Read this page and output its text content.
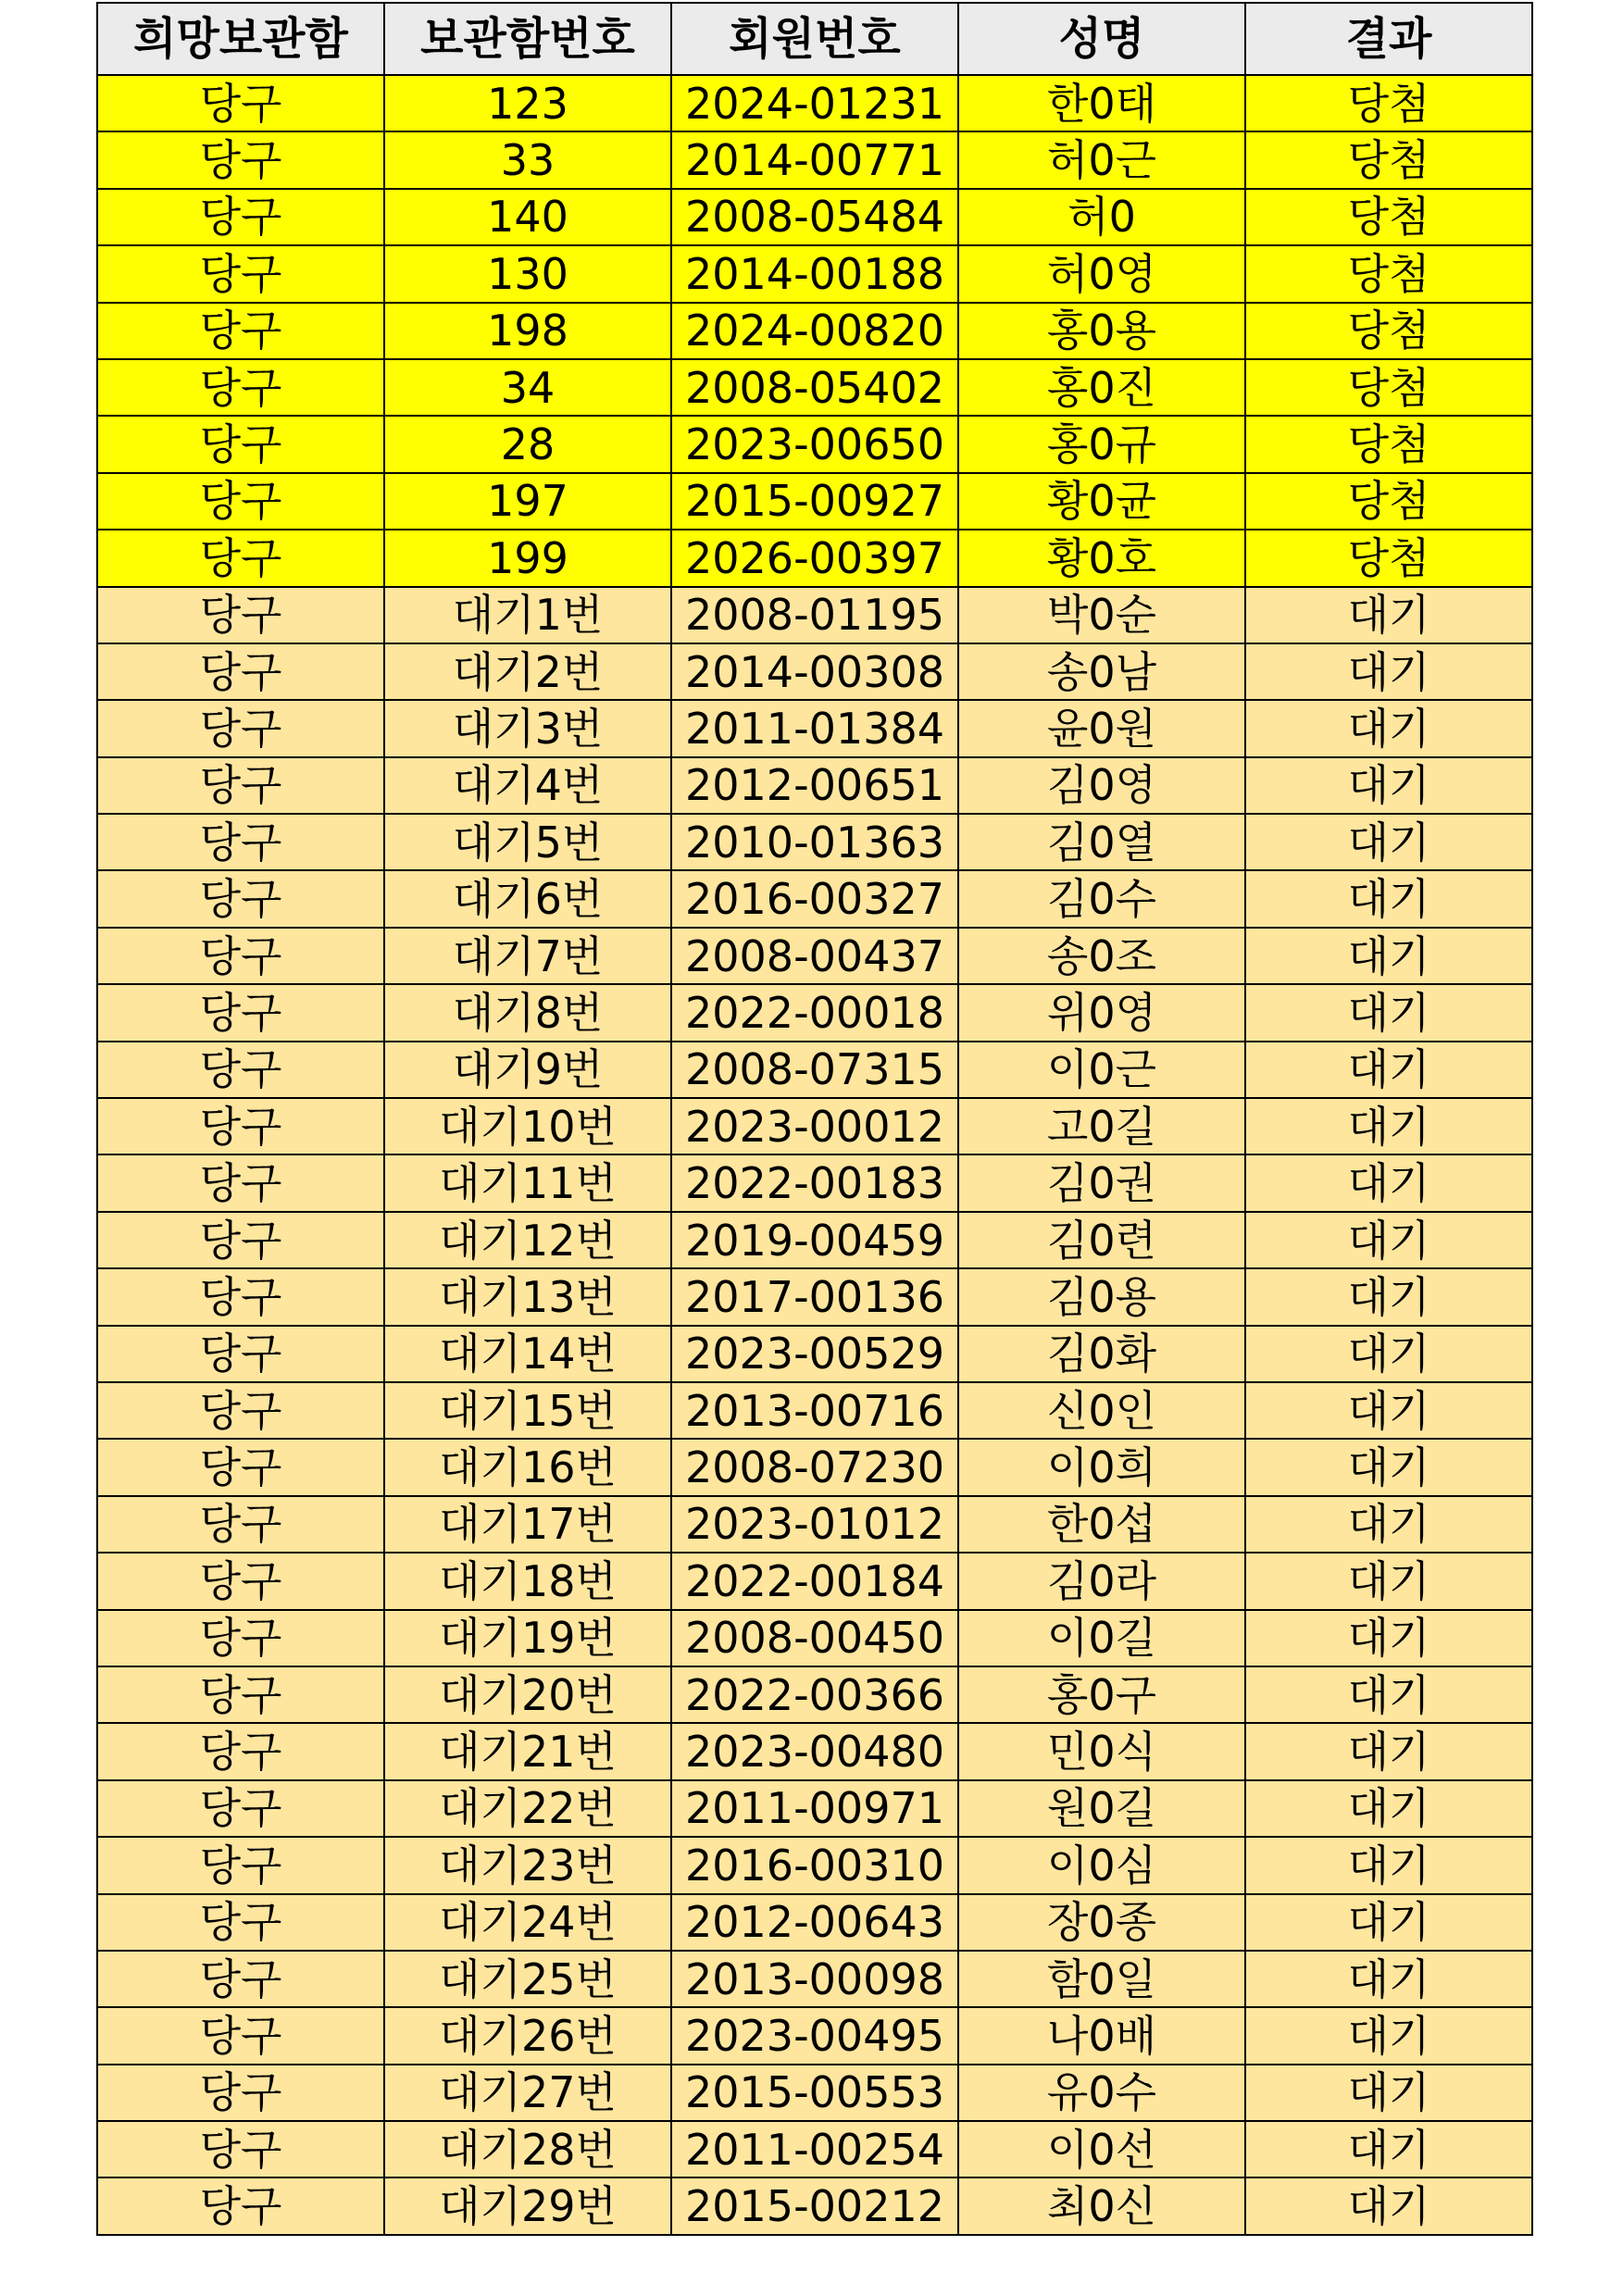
희망보관함	보관함번호	회원번호	성명	결과
당구	123	2024-01231	한0태	당첨
당구	33	2014-00771	허0근	당첨
당구	140	2008-05484	허0	당첨
당구	130	2014-00188	허0영	당첨
당구	198	2024-00820	홍0용	당첨
당구	34	2008-05402	홍0진	당첨
당구	28	2023-00650	홍0규	당첨
당구	197	2015-00927	황0균	당첨
당구	199	2026-00397	황0호	당첨
당구	대기1번	2008-01195	박0순	대기
당구	대기2번	2014-00308	송0남	대기
당구	대기3번	2011-01384	윤0원	대기
당구	대기4번	2012-00651	김0영	대기
당구	대기5번	2010-01363	김0열	대기
당구	대기6번	2016-00327	김0수	대기
당구	대기7번	2008-00437	송0조	대기
당구	대기8번	2022-00018	위0영	대기
당구	대기9번	2008-07315	이0근	대기
당구	대기10번	2023-00012	고0길	대기
당구	대기11번	2022-00183	김0권	대기
당구	대기12번	2019-00459	김0련	대기
당구	대기13번	2017-00136	김0용	대기
당구	대기14번	2023-00529	김0화	대기
당구	대기15번	2013-00716	신0인	대기
당구	대기16번	2008-07230	이0희	대기
당구	대기17번	2023-01012	한0섭	대기
당구	대기18번	2022-00184	김0라	대기
당구	대기19번	2008-00450	이0길	대기
당구	대기20번	2022-00366	홍0구	대기
당구	대기21번	2023-00480	민0식	대기
당구	대기22번	2011-00971	원0길	대기
당구	대기23번	2016-00310	이0심	대기
당구	대기24번	2012-00643	장0종	대기
당구	대기25번	2013-00098	함0일	대기
당구	대기26번	2023-00495	나0배	대기
당구	대기27번	2015-00553	유0수	대기
당구	대기28번	2011-00254	이0선	대기
당구	대기29번	2015-00212	최0신	대기
